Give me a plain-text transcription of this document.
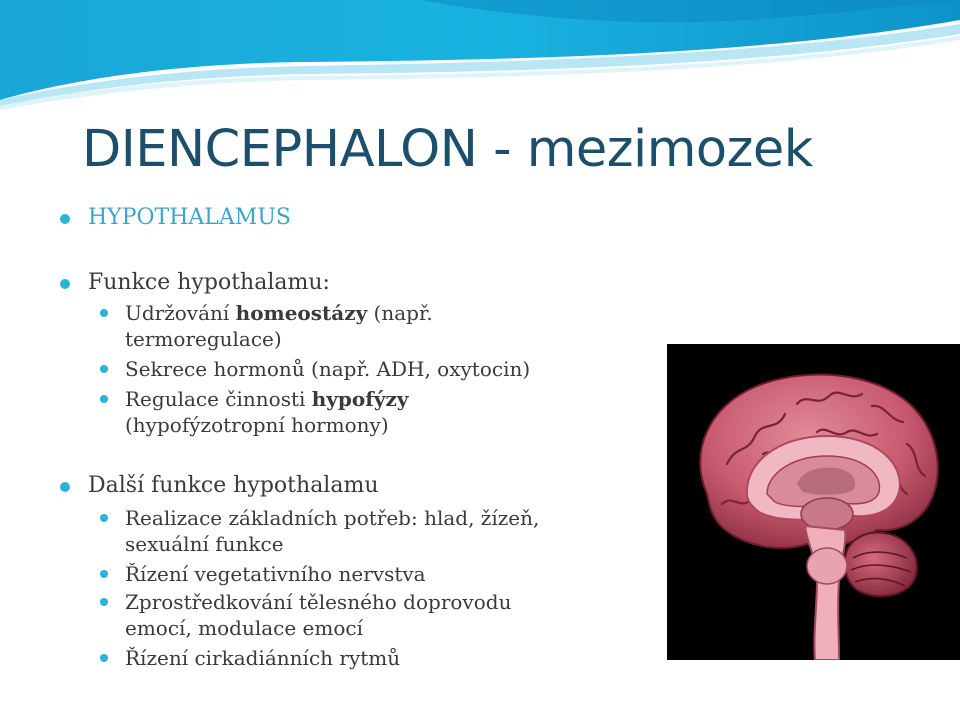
DIENCEPHALON - mezimozek
HYPOTHALAMUS
Funkce hypothalamu:
Udržování homeostázy (např.
termoregulace)
Sekrece hormonů (např. ADH, oxytocin)
Regulace činnosti hypofýzy
(hypofýzotropní hormony)
Další funkce hypothalamu
Realizace základních potřeb: hlad, žízeň,
sexuální funkce
Řízení vegetativního nervstva
Zprostředkování tělesného doprovodu
emocí, modulace emocí
Řízení cirkadiánních rytmů
